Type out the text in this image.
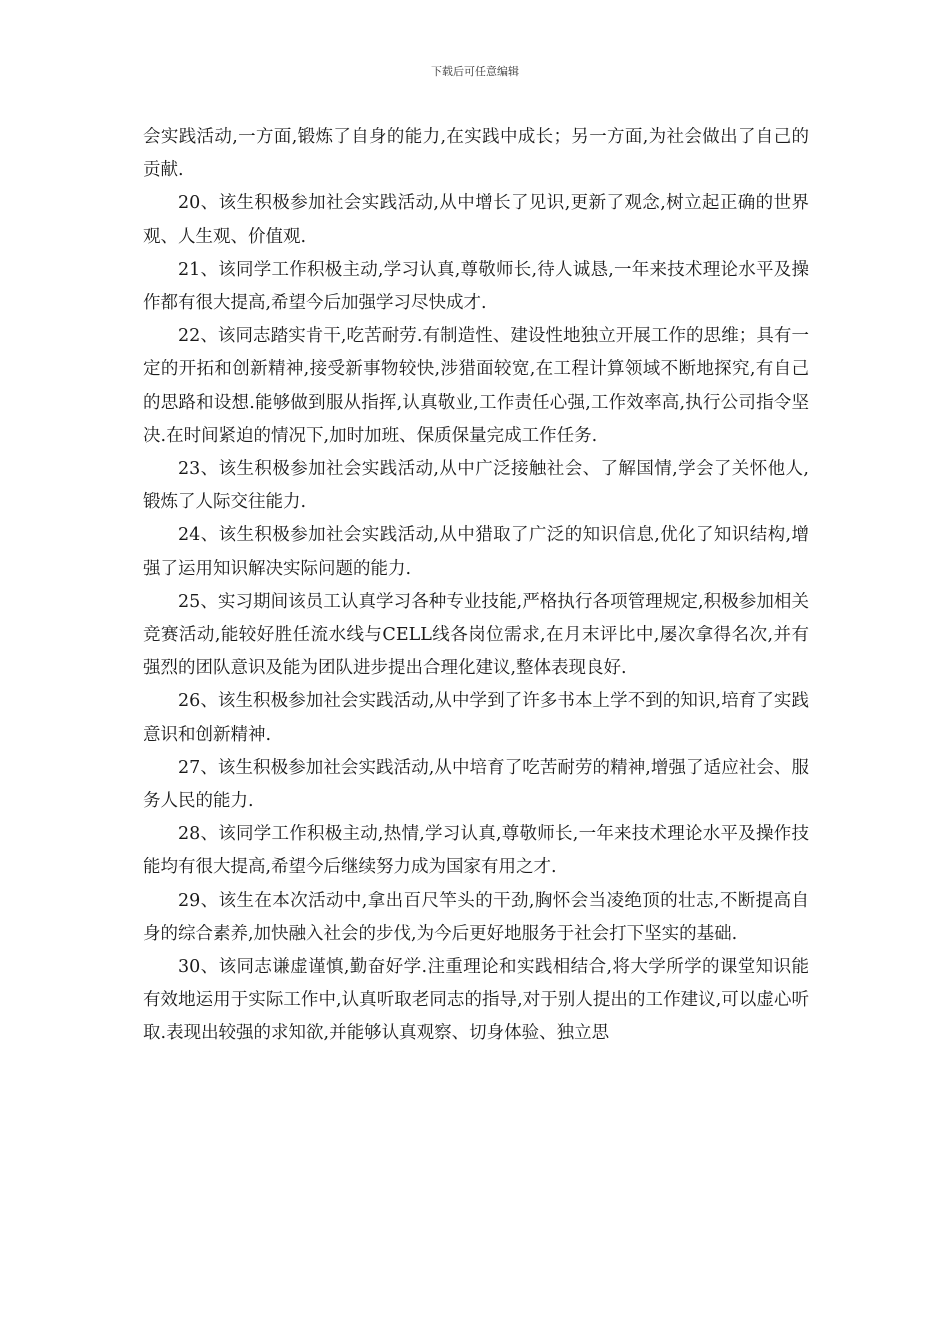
下载后可任意编辑

会实践活动,一方面,锻炼了自身的能力,在实践中成长；另一方面,为社会做出了自己的贡献.

20、该生积极参加社会实践活动,从中增长了见识,更新了观念,树立起正确的世界观、人生观、价值观.

21、该同学工作积极主动,学习认真,尊敬师长,待人诚恳,一年来技术理论水平及操作都有很大提高,希望今后加强学习尽快成才.

22、该同志踏实肯干,吃苦耐劳.有制造性、建设性地独立开展工作的思维；具有一定的开拓和创新精神,接受新事物较快,涉猎面较宽,在工程计算领域不断地探究,有自己的思路和设想.能够做到服从指挥,认真敬业,工作责任心强,工作效率高,执行公司指令坚决.在时间紧迫的情况下,加时加班、保质保量完成工作任务.

23、该生积极参加社会实践活动,从中广泛接触社会、了解国情,学会了关怀他人,锻炼了人际交往能力.

24、该生积极参加社会实践活动,从中猎取了广泛的知识信息,优化了知识结构,增强了运用知识解决实际问题的能力.

25、实习期间该员工认真学习各种专业技能,严格执行各项管理规定,积极参加相关竞赛活动,能较好胜任流水线与CELL线各岗位需求,在月末评比中,屡次拿得名次,并有强烈的团队意识及能为团队进步提出合理化建议,整体表现良好.

26、该生积极参加社会实践活动,从中学到了许多书本上学不到的知识,培育了实践意识和创新精神.

27、该生积极参加社会实践活动,从中培育了吃苦耐劳的精神,增强了适应社会、服务人民的能力.

28、该同学工作积极主动,热情,学习认真,尊敬师长,一年来技术理论水平及操作技能均有很大提高,希望今后继续努力成为国家有用之才.

29、该生在本次活动中,拿出百尺竿头的干劲,胸怀会当凌绝顶的壮志,不断提高自身的综合素养,加快融入社会的步伐,为今后更好地服务于社会打下坚实的基础.

30、该同志谦虚谨慎,勤奋好学.注重理论和实践相结合,将大学所学的课堂知识能有效地运用于实际工作中,认真听取老同志的指导,对于别人提出的工作建议,可以虚心听取.表现出较强的求知欲,并能够认真观察、切身体验、独立思
